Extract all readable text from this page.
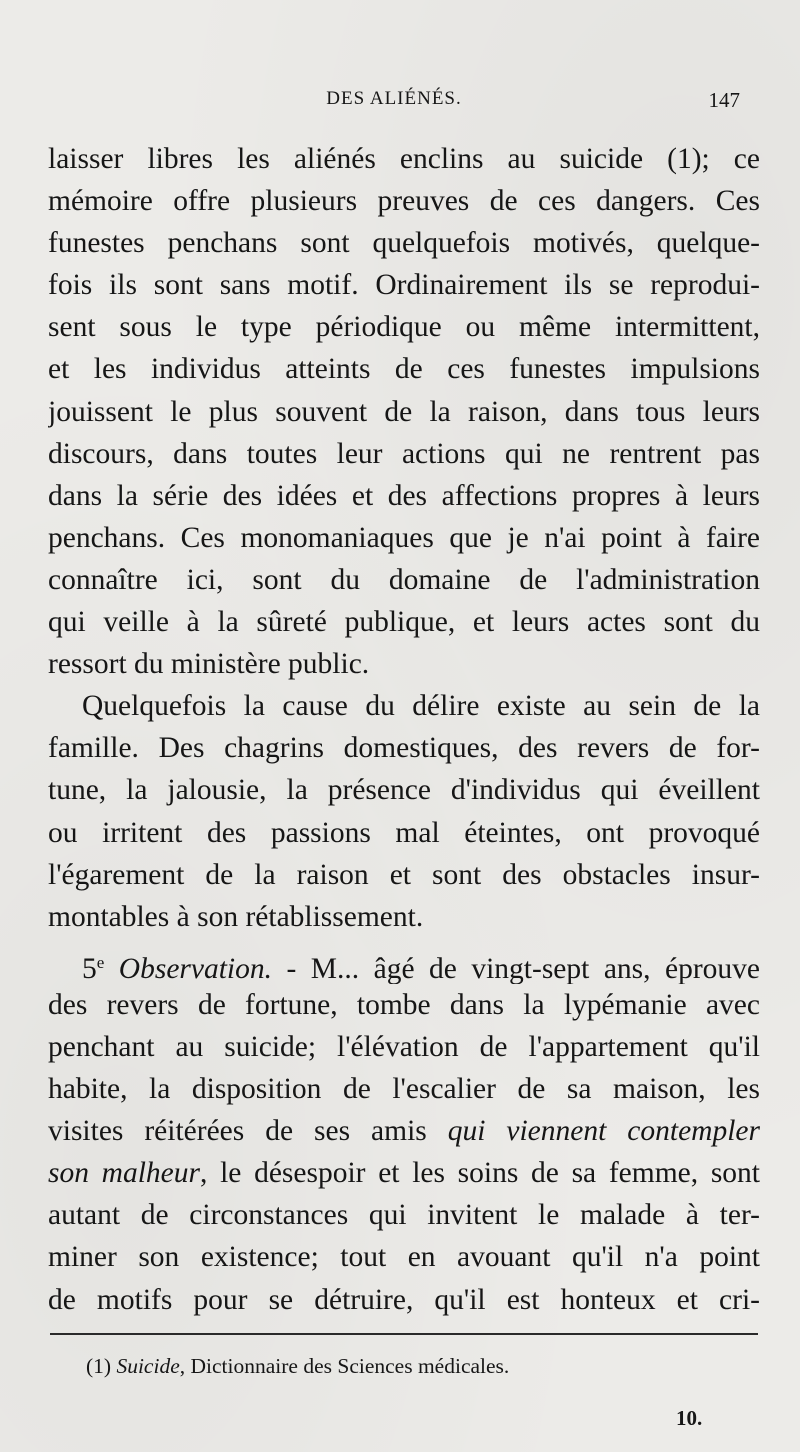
DES ALIÉNÉS.	147
laisser libres les aliénés enclins au suicide (1); ce
mémoire offre plusieurs preuves de ces dangers. Ces
funestes penchans sont quelquefois motivés, quelque-
fois ils sont sans motif. Ordinairement ils se reprodui-
sent sous le type périodique ou même intermittent,
et les individus atteints de ces funestes impulsions
jouissent le plus souvent de la raison, dans tous leurs
discours, dans toutes leur actions qui ne rentrent pas
dans la série des idées et des affections propres à leurs
penchans. Ces monomaniaques que je n'ai point à faire
connaître ici, sont du domaine de l'administration
qui veille à la sûreté publique, et leurs actes sont du
ressort du ministère public.
Quelquefois la cause du délire existe au sein de la
famille. Des chagrins domestiques, des revers de for-
tune, la jalousie, la présence d'individus qui éveillent
ou irritent des passions mal éteintes, ont provoqué
l'égarement de la raison et sont des obstacles insur-
montables à son rétablissement.
5e Observation. - M... âgé de vingt-sept ans, éprouve
des revers de fortune, tombe dans la lypémanie avec
penchant au suicide; l'élévation de l'appartement qu'il
habite, la disposition de l'escalier de sa maison, les
visites réitérées de ses amis qui viennent contempler
son malheur, le désespoir et les soins de sa femme, sont
autant de circonstances qui invitent le malade à ter-
miner son existence; tout en avouant qu'il n'a point
de motifs pour se détruire, qu'il est honteux et cri-
(1) Suicide, Dictionnaire des Sciences médicales.
10.
